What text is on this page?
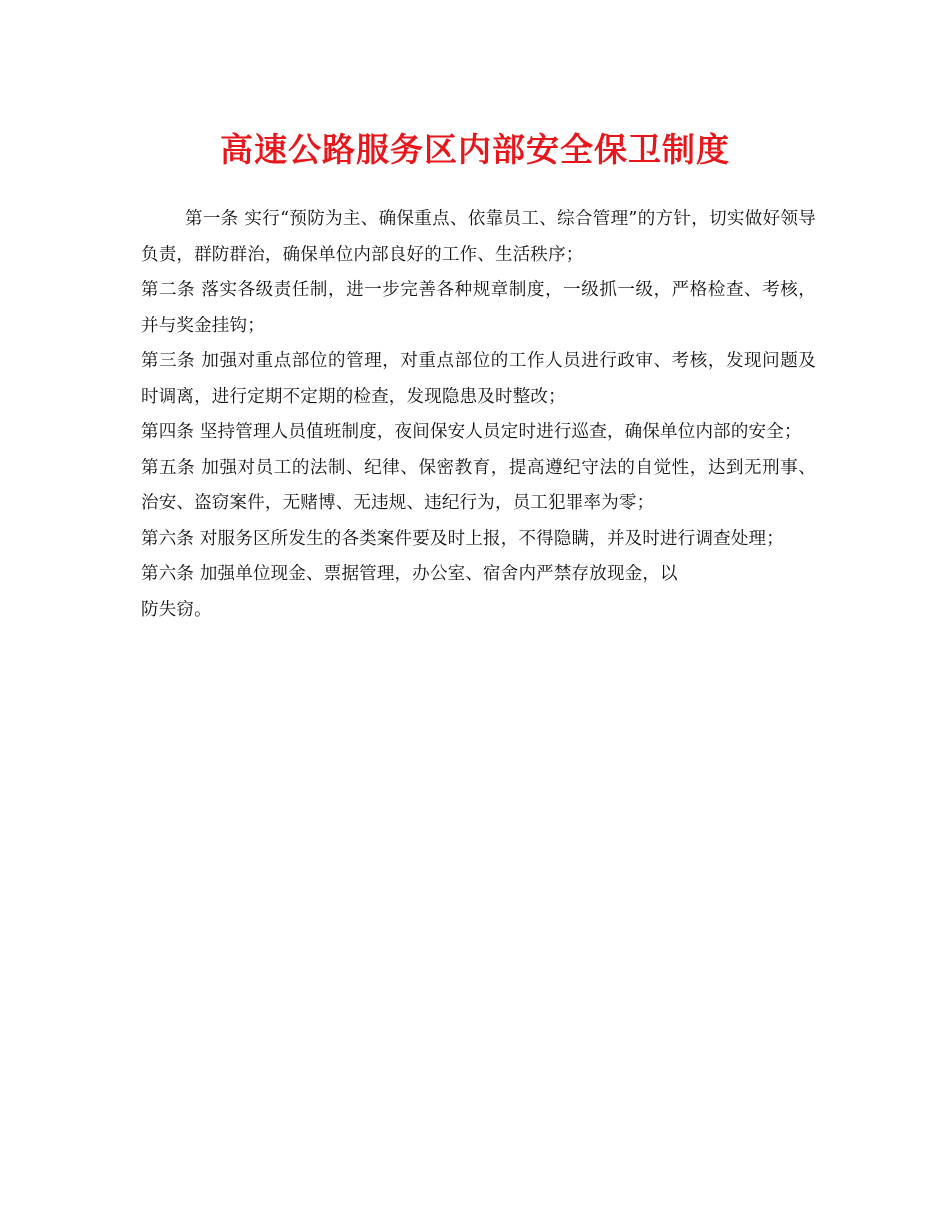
高速公路服务区内部安全保卫制度

第一条 实行“预防为主、确保重点、依靠员工、综合管理”的方针，切实做好领导负责，群防群治，确保单位内部良好的工作、生活秩序；

第二条 落实各级责任制，进一步完善各种规章制度，一级抓一级，严格检查、考核，并与奖金挂钩；

第三条 加强对重点部位的管理，对重点部位的工作人员进行政审、考核，发现问题及时调离，进行定期不定期的检查，发现隐患及时整改；

第四条 坚持管理人员值班制度，夜间保安人员定时进行巡查，确保单位内部的安全；

第五条 加强对员工的法制、纪律、保密教育，提高遵纪守法的自觉性，达到无刑事、治安、盗窃案件，无赌博、无违规、违纪行为，员工犯罪率为零；

第六条 对服务区所发生的各类案件要及时上报，不得隐瞒，并及时进行调查处理；

第六条 加强单位现金、票据管理，办公室、宿舍内严禁存放现金，以

防失窃。
